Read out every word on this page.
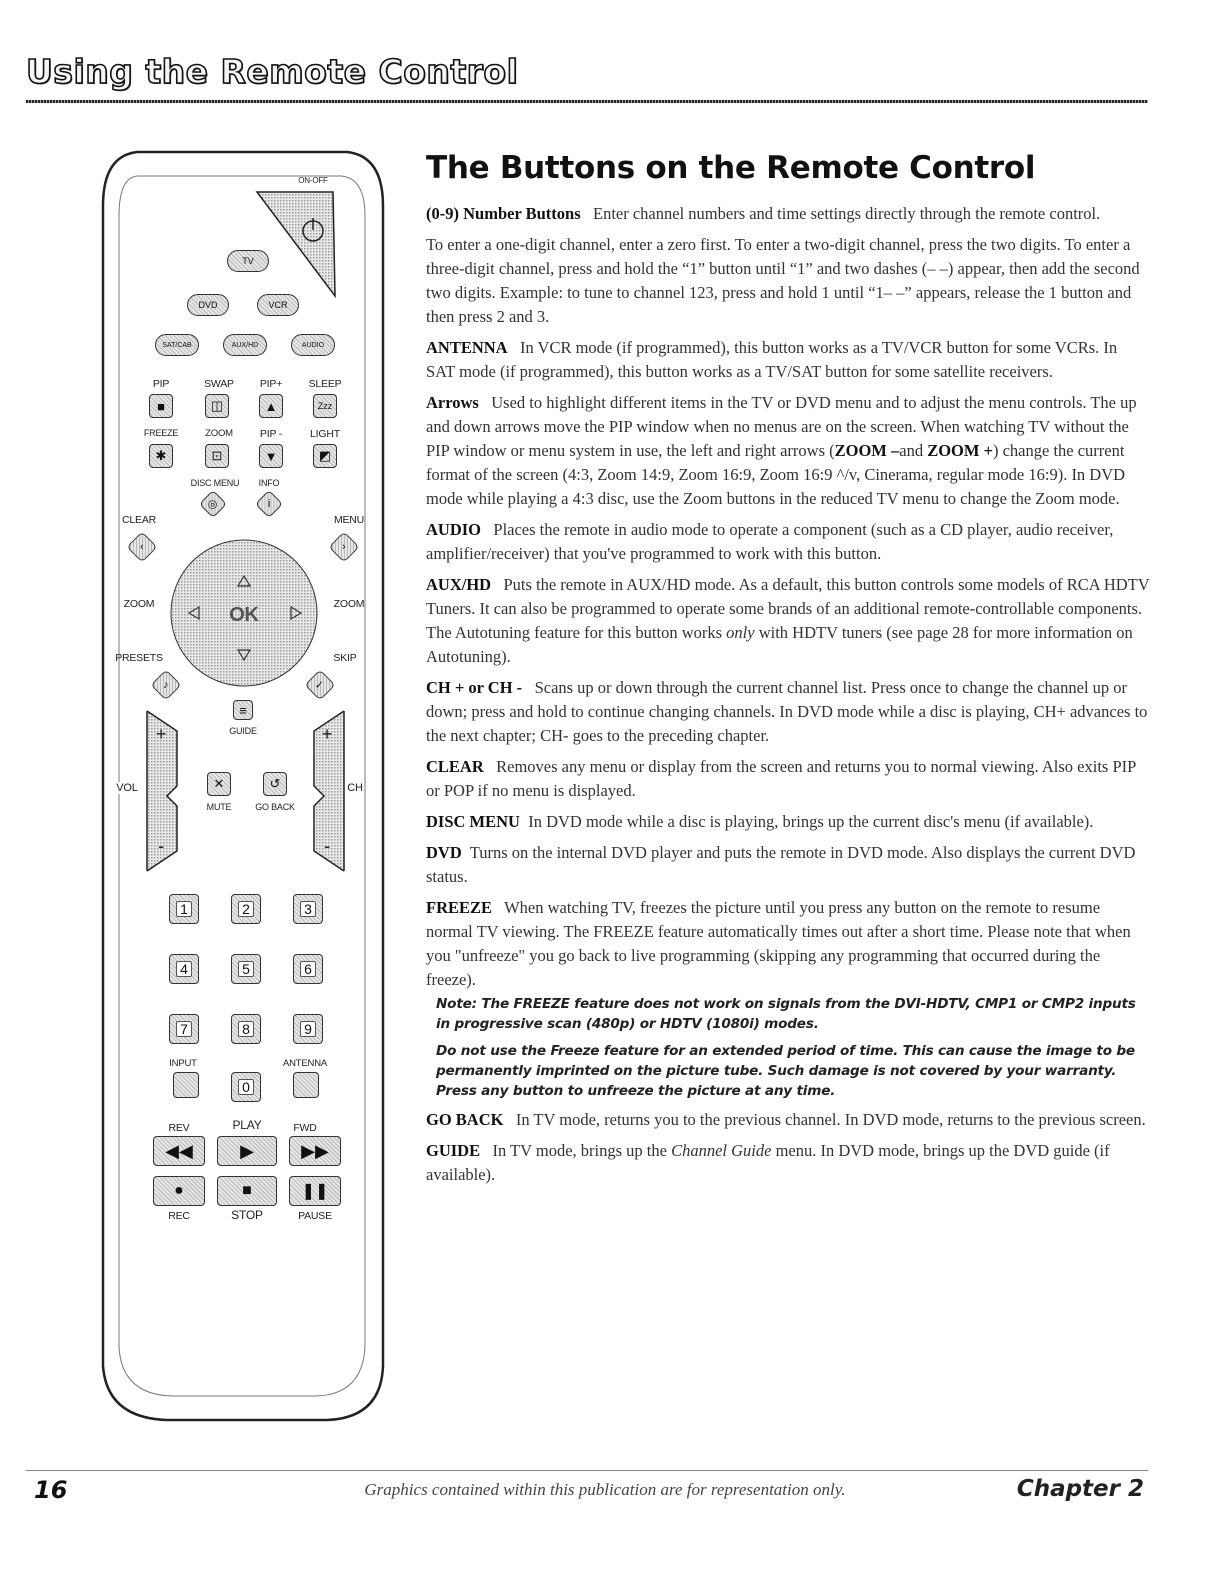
Using the Remote Control
ON-OFF
TV
DVD	VCR
SAT/CAB	AUX/HD	AUDIO
PIP	SWAP PIP+	SLEEP
■	◫	▲	Zzz
FREEZE	ZOOM	PIP -	LIGHT
✱	⊡	▼	◩
DISC MENU INFO
CLEAR	MENU
◎	i
‹	›
OK
ZOOM	ZOOM
PRESETS	SKIP
♪	✓
≡
GUIDE
VOL	CH
+
-
+
-
✕	↺
MUTE	GO BACK
1	2	3
4	5	6
7	8	9
INPUT	ANTENNA
0
REV	PLAY	FWD
◀◀	▶	▶▶
●	■	❚❚
REC	STOP	PAUSE
The Buttons on the Remote Control

(0-9) Number Buttons Enter channel numbers and time settings directly through the remote control.

To enter a one-digit channel, enter a zero first. To enter a two-digit channel, press the two digits. To enter a three-digit channel, press and hold the “1” button until “1” and two dashes (– –) appear, then add the second two digits. Example: to tune to channel 123, press and hold 1 until “1– –” appears, release the 1 button and then press 2 and 3.

ANTENNA In VCR mode (if programmed), this button works as a TV/VCR button for some VCRs. In SAT mode (if programmed), this button works as a TV/SAT button for some satellite receivers.

Arrows Used to highlight different items in the TV or DVD menu and to adjust the menu controls. The up and down arrows move the PIP window when no menus are on the screen. When watching TV without the PIP window or menu system in use, the left and right arrows (ZOOM –and ZOOM +) change the current format of the screen (4:3, Zoom 14:9, Zoom 16:9, Zoom 16:9 ^/v, Cinerama, regular mode 16:9). In DVD mode while playing a 4:3 disc, use the Zoom buttons in the reduced TV menu to change the Zoom mode.

AUDIO Places the remote in audio mode to operate a component (such as a CD player, audio receiver, amplifier/receiver) that you've programmed to work with this button.

AUX/HD Puts the remote in AUX/HD mode. As a default, this button controls some models of RCA HDTV Tuners. It can also be programmed to operate some brands of an additional remote-controllable components. The Autotuning feature for this button works only with HDTV tuners (see page 28 for more information on Autotuning).

CH + or CH - Scans up or down through the current channel list. Press once to change the channel up or down; press and hold to continue changing channels. In DVD mode while a disc is playing, CH+ advances to the next chapter; CH- goes to the preceding chapter.

CLEAR Removes any menu or display from the screen and returns you to normal viewing. Also exits PIP or POP if no menu is displayed.

DISC MENU In DVD mode while a disc is playing, brings up the current disc's menu (if available).

DVD Turns on the internal DVD player and puts the remote in DVD mode. Also displays the current DVD status.

FREEZE When watching TV, freezes the picture until you press any button on the remote to resume normal TV viewing. The FREEZE feature automatically times out after a short time. Please note that when you "unfreeze" you go back to live programming (skipping any programming that occurred during the freeze).

Note: The FREEZE feature does not work on signals from the DVI-HDTV, CMP1 or CMP2 inputs in progressive scan (480p) or HDTV (1080i) modes.

Do not use the Freeze feature for an extended period of time. This can cause the image to be permanently imprinted on the picture tube. Such damage is not covered by your warranty. Press any button to unfreeze the picture at any time.

GO BACK In TV mode, returns you to the previous channel. In DVD mode, returns to the previous screen.

GUIDE In TV mode, brings up the Channel Guide menu. In DVD mode, brings up the DVD guide (if available).

16	Graphics contained within this publication are for representation only.	Chapter 2
